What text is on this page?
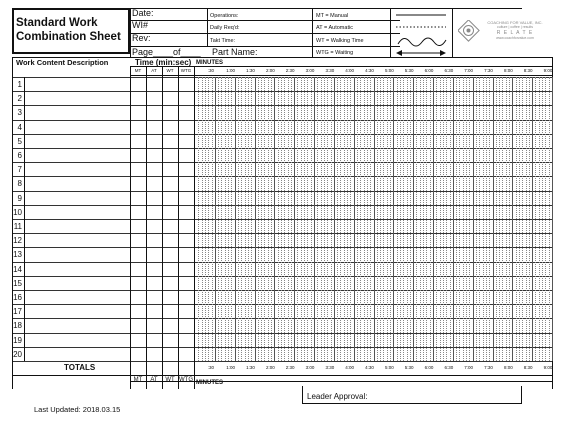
Standard Work
Combination Sheet
Date:
WI#
Rev:
Page____of____ Part Name:
Operations:
Daily Req'd:
Takt Time:
MT = Manual
AT = Automatic
WT = Walking Time
WTG = Waiting
COACHING FOR VALUE, INC.
culture | coffee | results
R E L A T E
www.coachforvalue.com
Work Content Description	Time (min:sec) MINUTES
MT	AT	WT	WTG	:30	1:00	1:30	2:00	2:30	3:00	3:30	4:00	4:30	5:00	5:30	6:00	6:30	7:00	7:30	8:00	8:30	9:00
1
2
3
4
5
6
7
8
9
10
11
12
13
14
15
16
17
18
19
20
TOTALS	:30	1:00	1:30	2:00	2:30	3:00	3:30	4:00	4:30	5:00	5:30	6:00	6:30	7:00	7:30	8:00	8:30	9:00
MT	AT	WT WTG MINUTES
Leader Approval:
Last Updated: 2018.03.15
